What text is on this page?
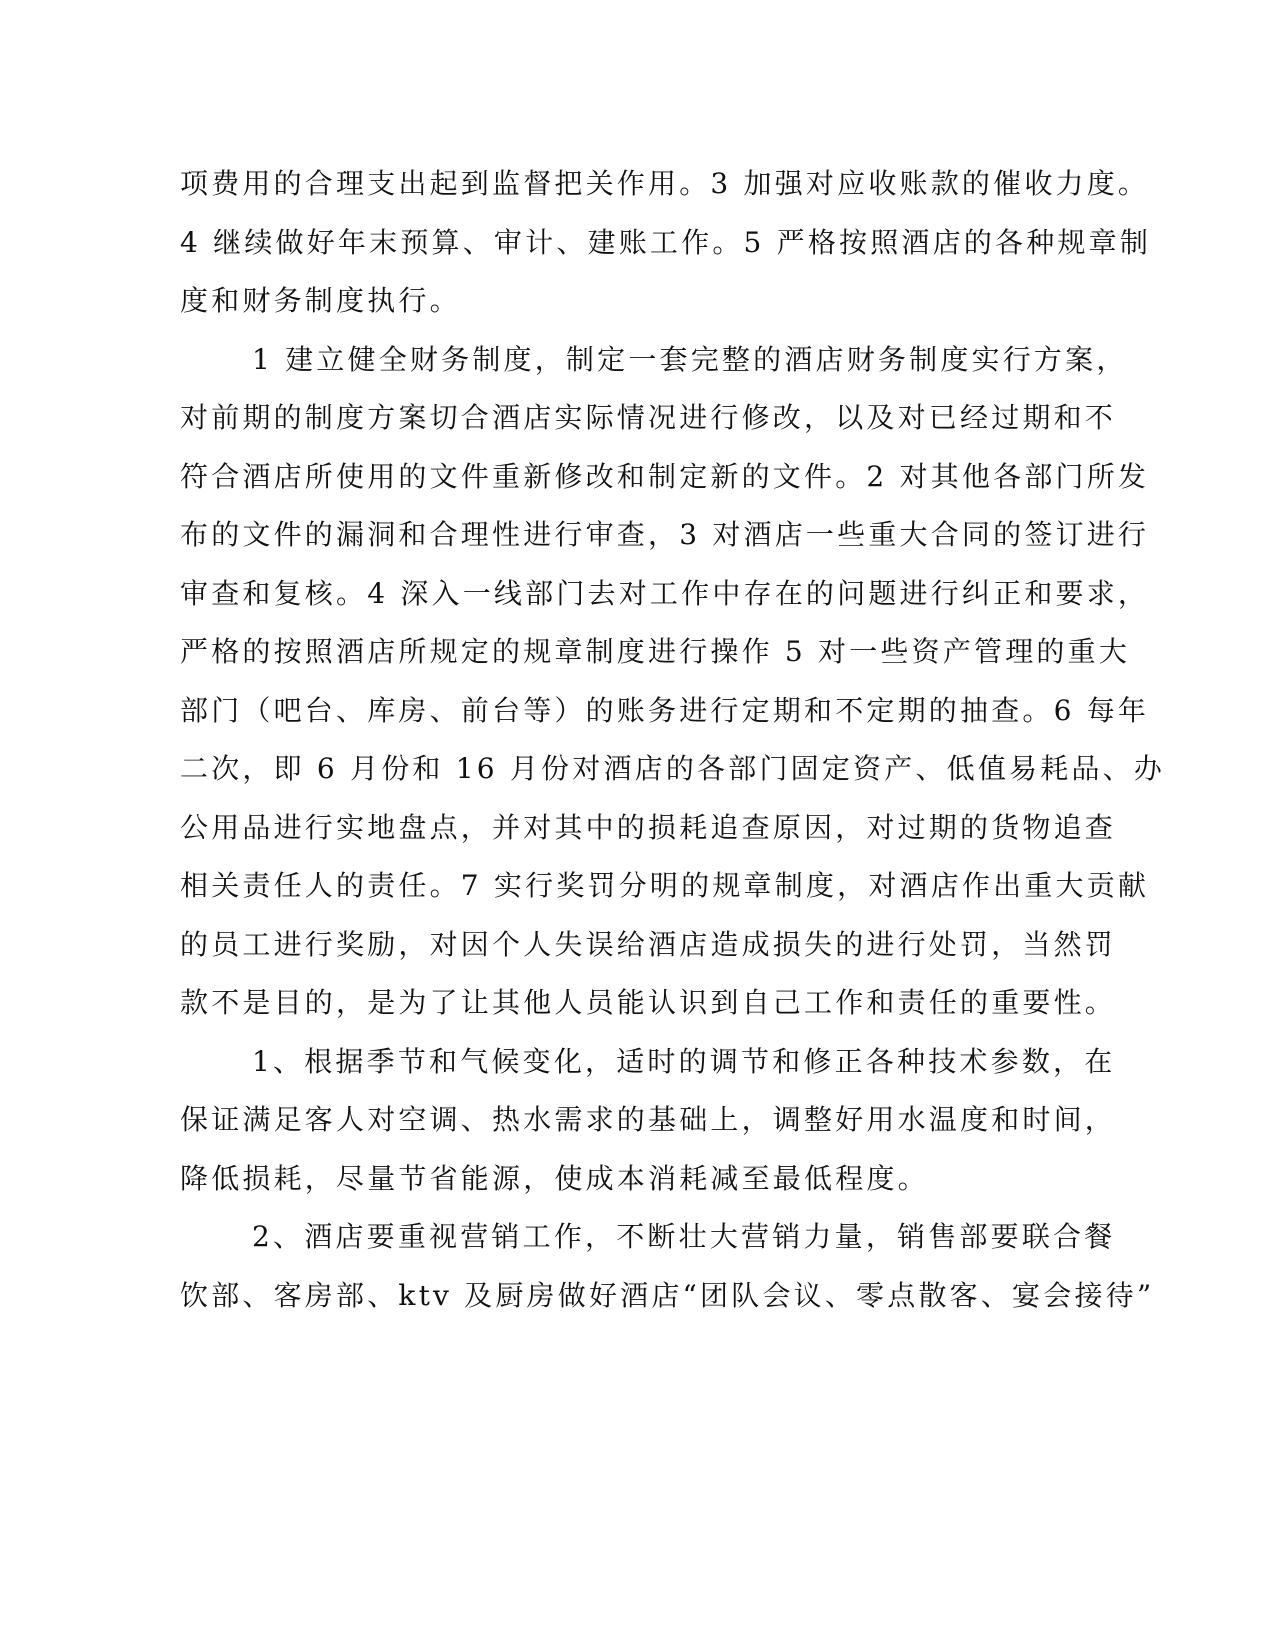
项费用的合理支出起到监督把关作用。3 加强对应收账款的催收力度。
4 继续做好年末预算、审计、建账工作。5 严格按照酒店的各种规章制
度和财务制度执行。
1 建立健全财务制度，制定一套完整的酒店财务制度实行方案，
对前期的制度方案切合酒店实际情况进行修改，以及对已经过期和不
符合酒店所使用的文件重新修改和制定新的文件。2 对其他各部门所发
布的文件的漏洞和合理性进行审查，3 对酒店一些重大合同的签订进行
审查和复核。4 深入一线部门去对工作中存在的问题进行纠正和要求，
严格的按照酒店所规定的规章制度进行操作 5 对一些资产管理的重大
部门（吧台、库房、前台等）的账务进行定期和不定期的抽查。6 每年
二次，即 6 月份和 16 月份对酒店的各部门固定资产、低值易耗品、办
公用品进行实地盘点，并对其中的损耗追查原因，对过期的货物追查
相关责任人的责任。7 实行奖罚分明的规章制度，对酒店作出重大贡献
的员工进行奖励，对因个人失误给酒店造成损失的进行处罚，当然罚
款不是目的，是为了让其他人员能认识到自己工作和责任的重要性。
1、根据季节和气候变化，适时的调节和修正各种技术参数，在
保证满足客人对空调、热水需求的基础上，调整好用水温度和时间，
降低损耗，尽量节省能源，使成本消耗减至最低程度。
2、酒店要重视营销工作，不断壮大营销力量，销售部要联合餐
饮部、客房部、ktv 及厨房做好酒店“团队会议、零点散客、宴会接待”
